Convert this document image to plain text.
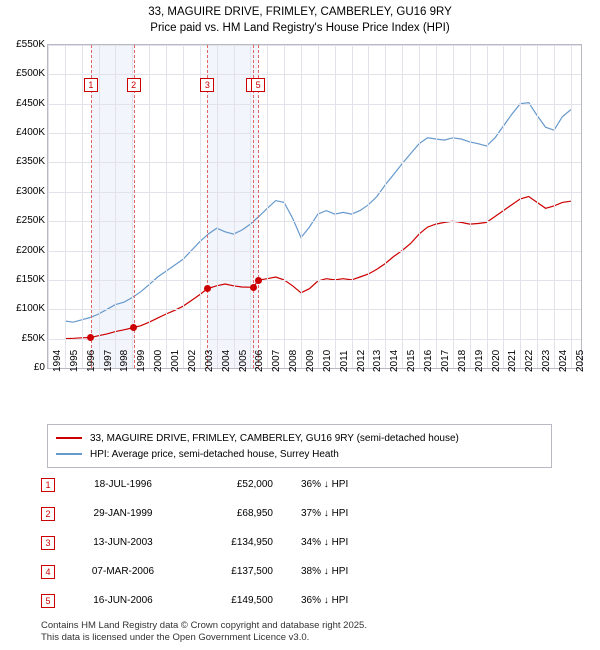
33, MAGUIRE DRIVE, FRIMLEY, CAMBERLEY, GU16 9RY
Price paid vs. HM Land Registry's House Price Index (HPI)
£0
£50K
£100K
£150K
£200K
£250K
£300K
£350K
£400K
£450K
£500K
£550K
1994 1995 1996 1997 1998 1999 2000 2001 2002 2003 2004 2005 2006 2007 2008 2009 2010 2011 2012 2013 2014 2015 2016 2017 2018 2019 2020 2021 2022 2023 2024 2025
33, MAGUIRE DRIVE, FRIMLEY, CAMBERLEY, GU16 9RY (semi-detached house)
HPI: Average price, semi-detached house, Surrey Heath
1	18-JUL-1996	£52,000	36% ↓ HPI
2	29-JAN-1999	£68,950	37% ↓ HPI
3	13-JUN-2003	£134,950	34% ↓ HPI
4	07-MAR-2006	£137,500	38% ↓ HPI
5	16-JUN-2006	£149,500	36% ↓ HPI
Contains HM Land Registry data © Crown copyright and database right 2025.
This data is licensed under the Open Government Licence v3.0.
1	2	3	5
